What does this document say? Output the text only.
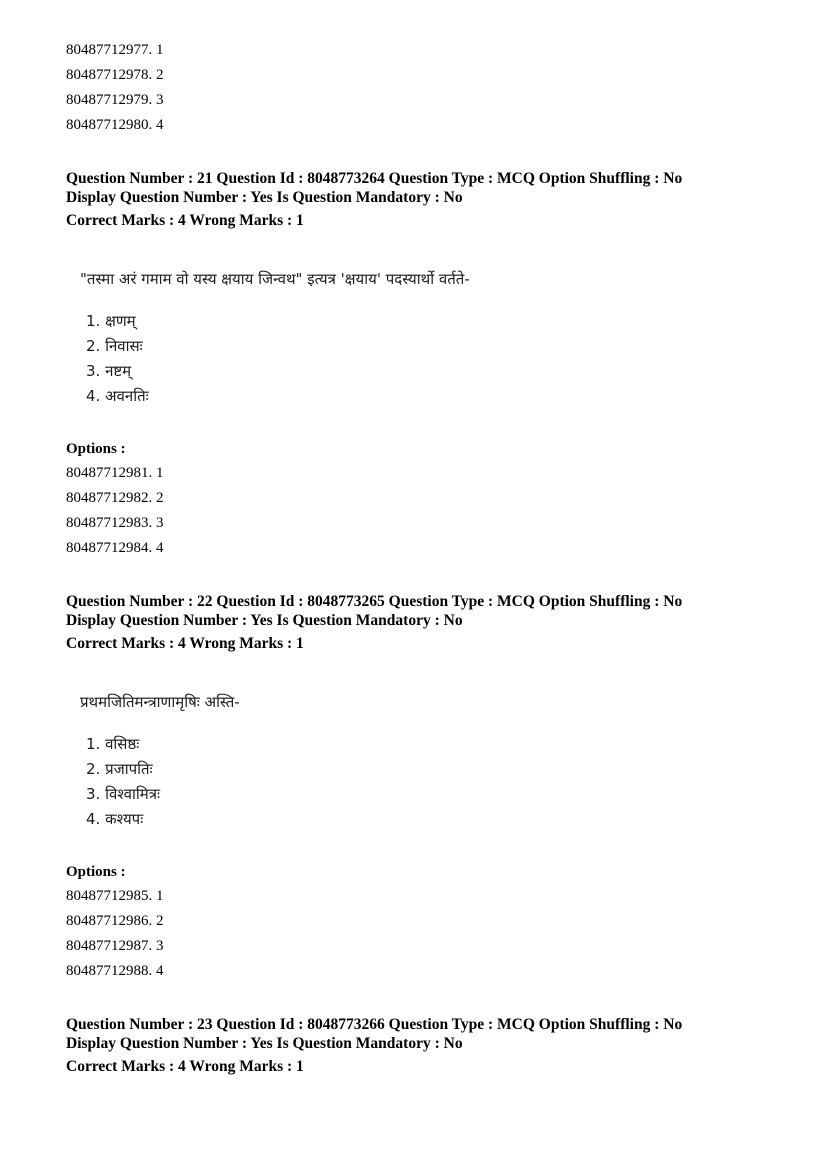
80487712977. 1
80487712978. 2
80487712979. 3
80487712980. 4
Question Number : 21 Question Id : 8048773264 Question Type : MCQ Option Shuffling : No
Display Question Number : Yes Is Question Mandatory : No
Correct Marks : 4 Wrong Marks : 1
"तस्मा अरं गमाम वो यस्य क्षयाय जिन्वथ" इत्यत्र 'क्षयाय' पदस्यार्थो वर्तते-
1. क्षणम्
2. निवासः
3. नष्टम्
4. अवनतिः
Options :
80487712981. 1
80487712982. 2
80487712983. 3
80487712984. 4
Question Number : 22 Question Id : 8048773265 Question Type : MCQ Option Shuffling : No
Display Question Number : Yes Is Question Mandatory : No
Correct Marks : 4 Wrong Marks : 1
प्रथमजितिमन्त्राणामृषिः अस्ति-
1. वसिष्ठः
2. प्रजापतिः
3. विश्वामित्रः
4. कश्यपः
Options :
80487712985. 1
80487712986. 2
80487712987. 3
80487712988. 4
Question Number : 23 Question Id : 8048773266 Question Type : MCQ Option Shuffling : No
Display Question Number : Yes Is Question Mandatory : No
Correct Marks : 4 Wrong Marks : 1
